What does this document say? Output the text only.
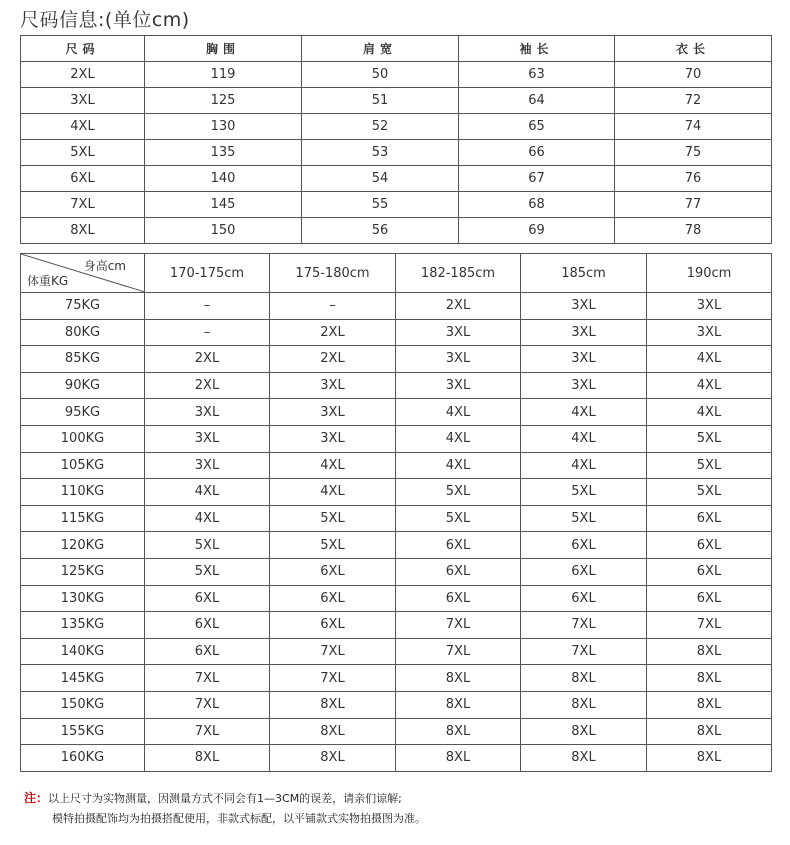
尺码信息:(单位cm)
尺码	胸围	肩宽	袖长	衣长
2XL	119	50	63	70
3XL	125	51	64	72
4XL	130	52	65	74
5XL	135	53	66	75
6XL	140	54	67	76
7XL	145	55	68	77
8XL	150	56	69	78
身高cm
体重KG	170-175cm	175-180cm	182-185cm	185cm	190cm
75KG	–	–	2XL	3XL	3XL
80KG	–	2XL	3XL	3XL	3XL
85KG	2XL	2XL	3XL	3XL	4XL
90KG	2XL	3XL	3XL	3XL	4XL
95KG	3XL	3XL	4XL	4XL	4XL
100KG	3XL	3XL	4XL	4XL	5XL
105KG	3XL	4XL	4XL	4XL	5XL
110KG	4XL	4XL	5XL	5XL	5XL
115KG	4XL	5XL	5XL	5XL	6XL
120KG	5XL	5XL	6XL	6XL	6XL
125KG	5XL	6XL	6XL	6XL	6XL
130KG	6XL	6XL	6XL	6XL	6XL
135KG	6XL	6XL	7XL	7XL	7XL
140KG	6XL	7XL	7XL	7XL	8XL
145KG	7XL	7XL	8XL	8XL	8XL
150KG	7XL	8XL	8XL	8XL	8XL
155KG	7XL	8XL	8XL	8XL	8XL
160KG	8XL	8XL	8XL	8XL	8XL
注：以上尺寸为实物测量，因测量方式不同会有1—3CM的误差，请亲们谅解;
模特拍摄配饰均为拍摄搭配使用，非款式标配，以平铺款式实物拍摄图为准。
